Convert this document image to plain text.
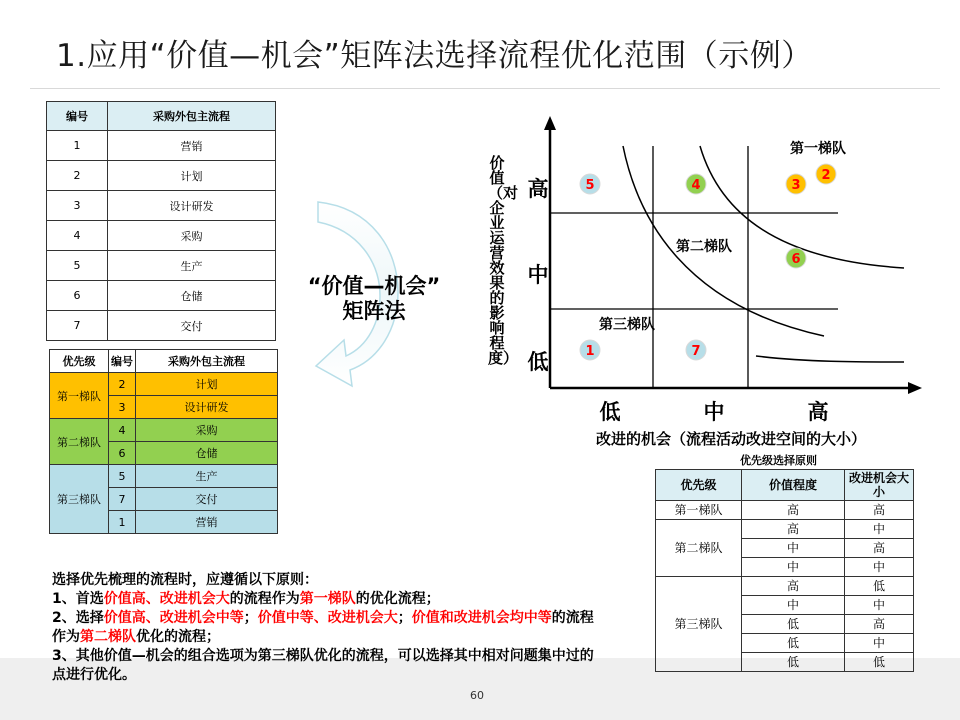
1.应用“价值—机会”矩阵法选择流程优化范围（示例）
编号	采购外包主流程
1	营销
2	计划
3	设计研发
4	采购
5	生产
6	仓储
7	交付
优先级	编号	采购外包主流程
第一梯队	2	计划
	3	设计研发
第二梯队	4	采购
	6	仓储
第三梯队	5	生产
	7	交付
	1	营销
“价值—机会”
矩阵法
价值（对企业运营效果的影响程度）
高
中
低
低	中	高
第一梯队
第二梯队
第三梯队
5	4	3
2
6
1	7
改进的机会（流程活动改进空间的大小）
优先级选择原则
优先级	价值程度	改进机会大小
第一梯队	高	高
第二梯队	高	中
	中	高
	中	中
第三梯队	高	低
	中	中
	低	高
	低	中
	低	低
选择优先梳理的流程时，应遵循以下原则：
1、首选价值高、改进机会大的流程作为第一梯队的优化流程；
2、选择价值高、改进机会中等；价值中等、改进机会大；价值和改进机会均中等的流程作为第二梯队优化的流程；
3、其他价值—机会的组合选项为第三梯队优化的流程，可以选择其中相对问题集中过的点进行优化。
60
